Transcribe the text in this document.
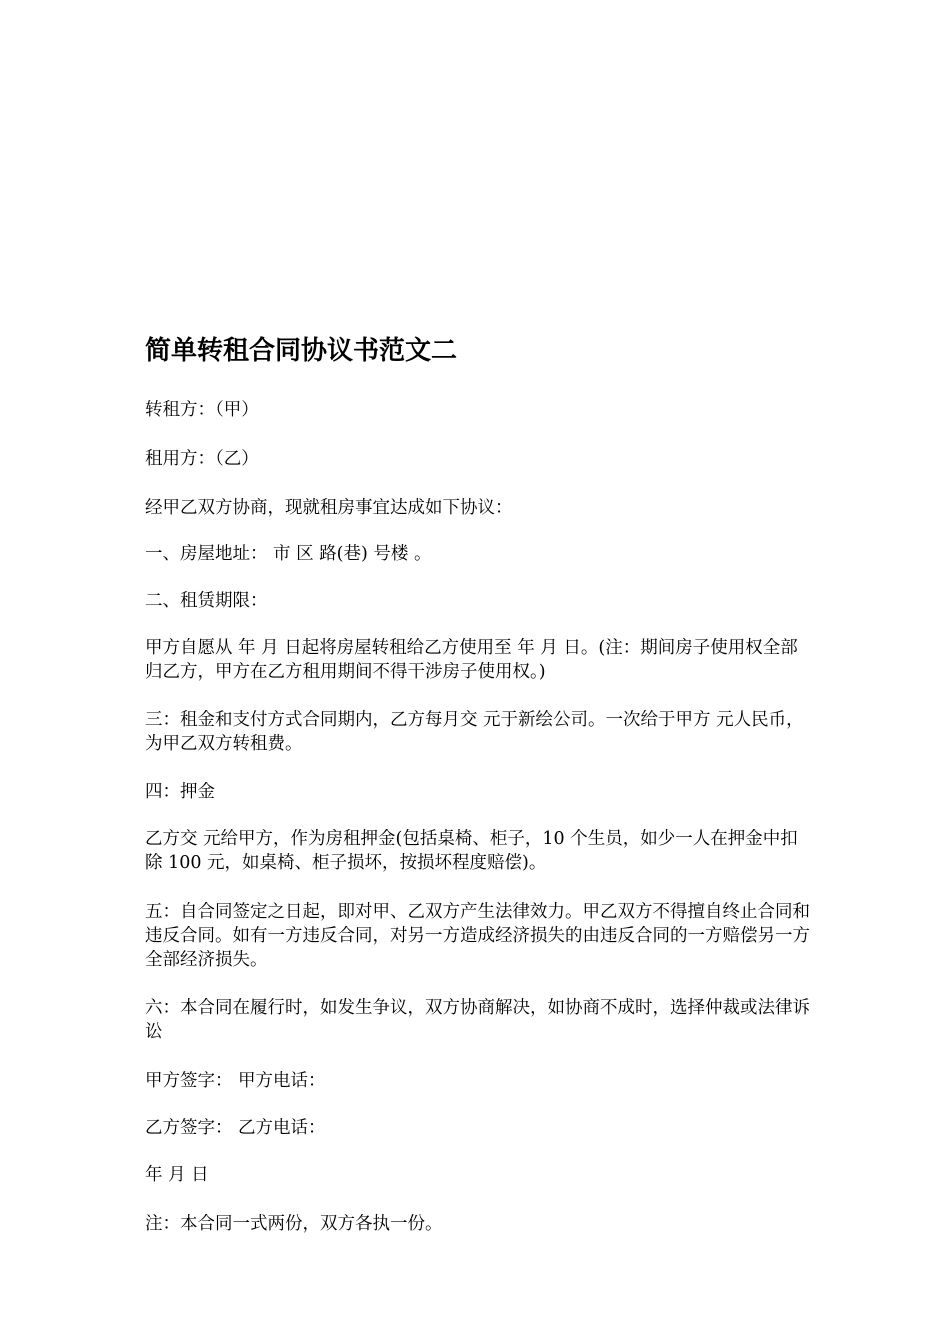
简单转租合同协议书范文二

转租方：（甲）

租用方：（乙）

经甲乙双方协商，现就租房事宜达成如下协议：

一、房屋地址： 市 区 路(巷) 号楼 。

二、租赁期限：

甲方自愿从 年 月 日起将房屋转租给乙方使用至 年 月 日。(注：期间房子使用权全部归乙方，甲方在乙方租用期间不得干涉房子使用权。)

三：租金和支付方式合同期内，乙方每月交 元于新绘公司。一次给于甲方 元人民币，为甲乙双方转租费。

四：押金

乙方交 元给甲方，作为房租押金(包括桌椅、柜子，10 个生员，如少一人在押金中扣除 100 元，如桌椅、柜子损坏，按损坏程度赔偿)。

五：自合同签定之日起，即对甲、乙双方产生法律效力。甲乙双方不得擅自终止合同和违反合同。如有一方违反合同，对另一方造成经济损失的由违反合同的一方赔偿另一方全部经济损失。

六：本合同在履行时，如发生争议，双方协商解决，如协商不成时，选择仲裁或法律诉讼

甲方签字： 甲方电话：

乙方签字： 乙方电话：

年 月 日

注：本合同一式两份，双方各执一份。
